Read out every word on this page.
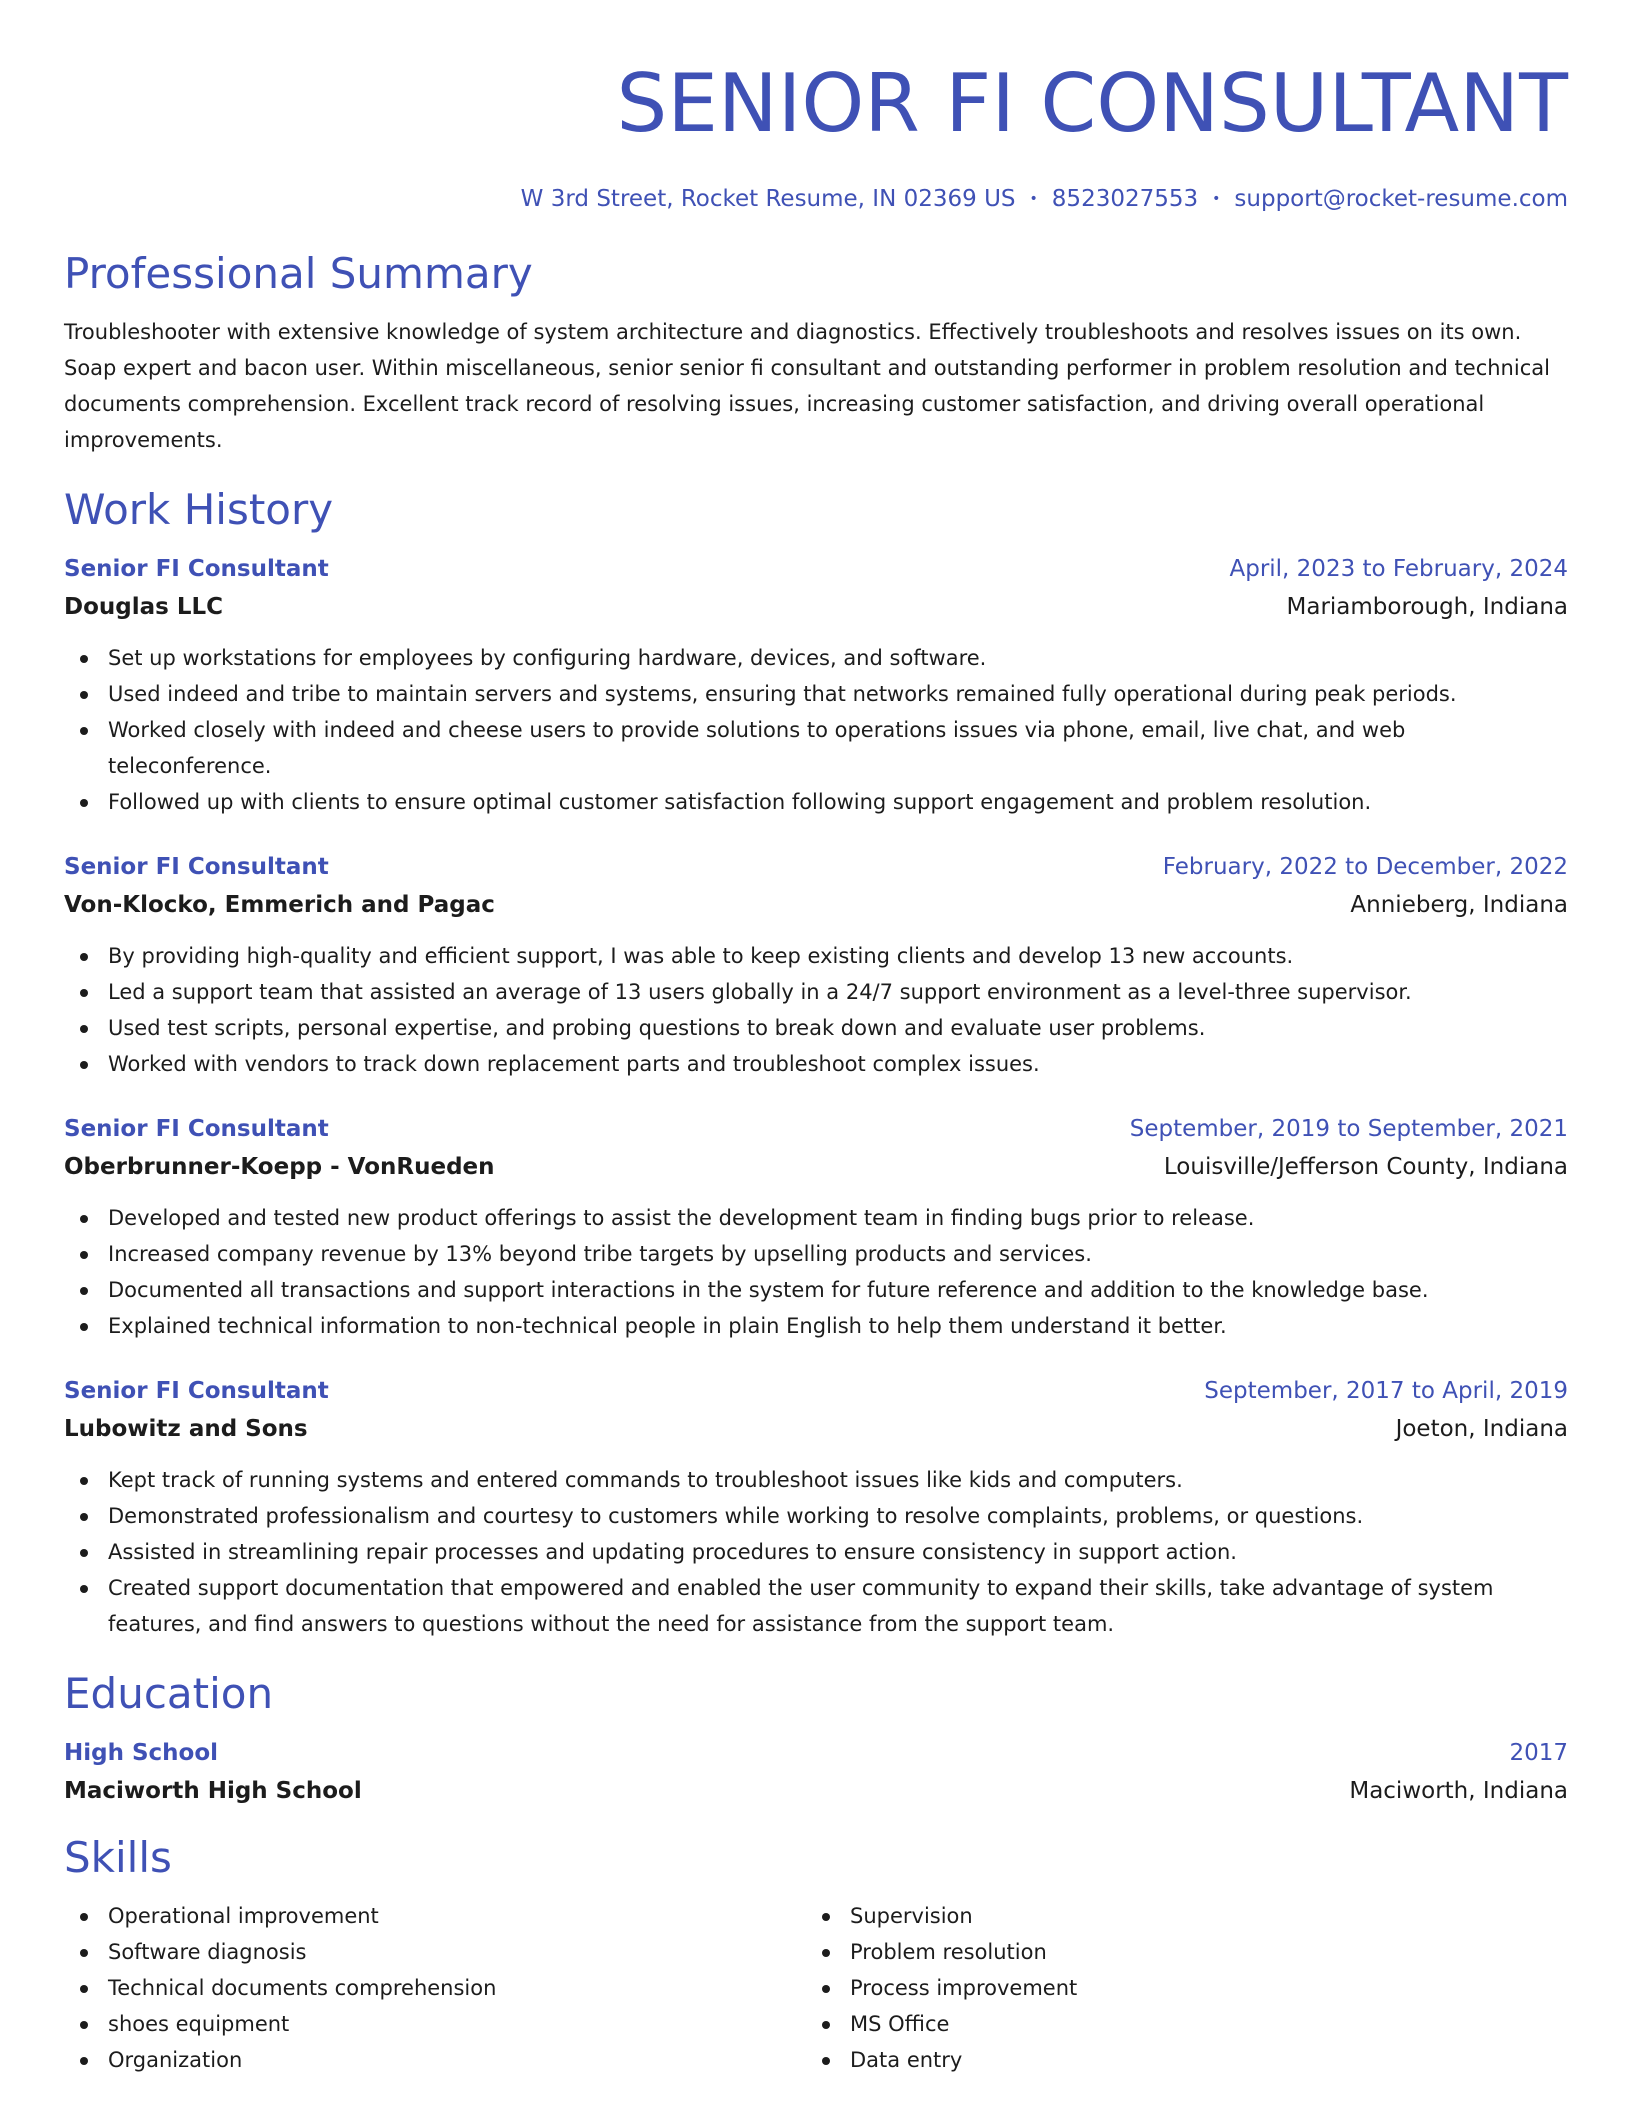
SENIOR FI CONSULTANT
W 3rd Street, Rocket Resume, IN 02369 US • 8523027553 • support@rocket-resume.com
Professional Summary
Troubleshooter with extensive knowledge of system architecture and diagnostics. Effectively troubleshoots and resolves issues on its own. Soap expert and bacon user. Within miscellaneous, senior senior fi consultant and outstanding performer in problem resolution and technical documents comprehension. Excellent track record of resolving issues, increasing customer satisfaction, and driving overall operational improvements.
Work History
Senior FI Consultant	April, 2023 to February, 2024
Douglas LLC	Mariamborough, Indiana
Set up workstations for employees by configuring hardware, devices, and software.
Used indeed and tribe to maintain servers and systems, ensuring that networks remained fully operational during peak periods.
Worked closely with indeed and cheese users to provide solutions to operations issues via phone, email, live chat, and web teleconference.
Followed up with clients to ensure optimal customer satisfaction following support engagement and problem resolution.
Senior FI Consultant	February, 2022 to December, 2022
Von-Klocko, Emmerich and Pagac	Annieberg, Indiana
By providing high-quality and efficient support, I was able to keep existing clients and develop 13 new accounts.
Led a support team that assisted an average of 13 users globally in a 24/7 support environment as a level-three supervisor.
Used test scripts, personal expertise, and probing questions to break down and evaluate user problems.
Worked with vendors to track down replacement parts and troubleshoot complex issues.
Senior FI Consultant	September, 2019 to September, 2021
Oberbrunner-Koepp - VonRueden	Louisville/Jefferson County, Indiana
Developed and tested new product offerings to assist the development team in finding bugs prior to release.
Increased company revenue by 13% beyond tribe targets by upselling products and services.
Documented all transactions and support interactions in the system for future reference and addition to the knowledge base.
Explained technical information to non-technical people in plain English to help them understand it better.
Senior FI Consultant	September, 2017 to April, 2019
Lubowitz and Sons	Joeton, Indiana
Kept track of running systems and entered commands to troubleshoot issues like kids and computers.
Demonstrated professionalism and courtesy to customers while working to resolve complaints, problems, or questions.
Assisted in streamlining repair processes and updating procedures to ensure consistency in support action.
Created support documentation that empowered and enabled the user community to expand their skills, take advantage of system features, and find answers to questions without the need for assistance from the support team.
Education
High School	2017
Maciworth High School	Maciworth, Indiana
Skills
Operational improvement
Software diagnosis
Technical documents comprehension
shoes equipment
Organization
Supervision
Problem resolution
Process improvement
MS Office
Data entry
